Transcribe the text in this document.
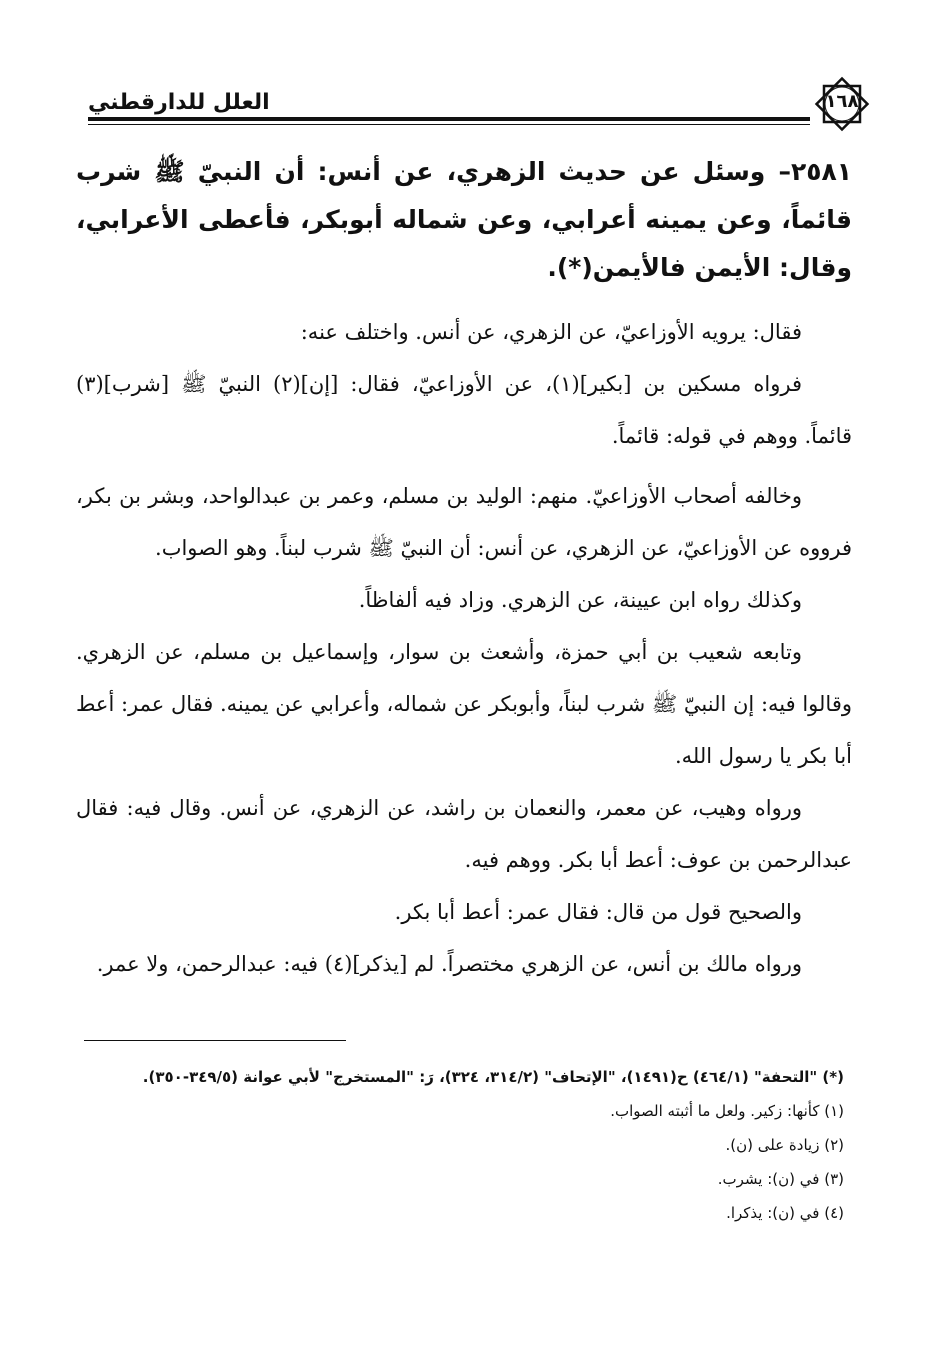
العلل للدارقطني	١٦٨

٢٥٨١– وسئل عن حديث الزهري، عن أنس: أن النبيّ ﷺ شرب قائماً، وعن يمينه أعرابي، وعن شماله أبوبكر، فأعطى الأعرابي، وقال: الأيمن فالأيمن(*).

فقال: يرويه الأوزاعيّ، عن الزهري، عن أنس. واختلف عنه:

فرواه مسكين بن [بكير](١)، عن الأوزاعيّ، فقال: [إن](٢) النبيّ ﷺ [شرب](٣) قائماً. ووهم في قوله: قائماً.

وخالفه أصحاب الأوزاعيّ. منهم: الوليد بن مسلم، وعمر بن عبدالواحد، وبشر بن بكر، فرووه عن الأوزاعيّ، عن الزهري، عن أنس: أن النبيّ ﷺ شرب لبناً. وهو الصواب.

وكذلك رواه ابن عيينة، عن الزهري. وزاد فيه ألفاظاً.

وتابعه شعيب بن أبي حمزة، وأشعث بن سوار، وإسماعيل بن مسلم، عن الزهري. وقالوا فيه: إن النبيّ ﷺ شرب لبناً، وأبوبكر عن شماله، وأعرابي عن يمينه. فقال عمر: أعط أبا بكر يا رسول الله.

ورواه وهيب، عن معمر، والنعمان بن راشد، عن الزهري، عن أنس. وقال فيه: فقال عبدالرحمن بن عوف: أعط أبا بكر. ووهم فيه.

والصحيح قول من قال: فقال عمر: أعط أبا بكر.

ورواه مالك بن أنس، عن الزهري مختصراً. لم [يذكر](٤) فيه: عبدالرحمن، ولا عمر.

(*) "التحفة" (٤٦٤/١) ح(١٤٩١)، "الإتحاف" (٣١٤/٢، ٣٢٤)، رَ: "المستخرج" لأبي عوانة (٣٤٩/٥-٣٥٠).

(١) كأنها: زكير. ولعل ما أثبته الصواب.

(٢) زيادة على (ن).

(٣) في (ن): يشرب.

(٤) في (ن): يذكرا.
